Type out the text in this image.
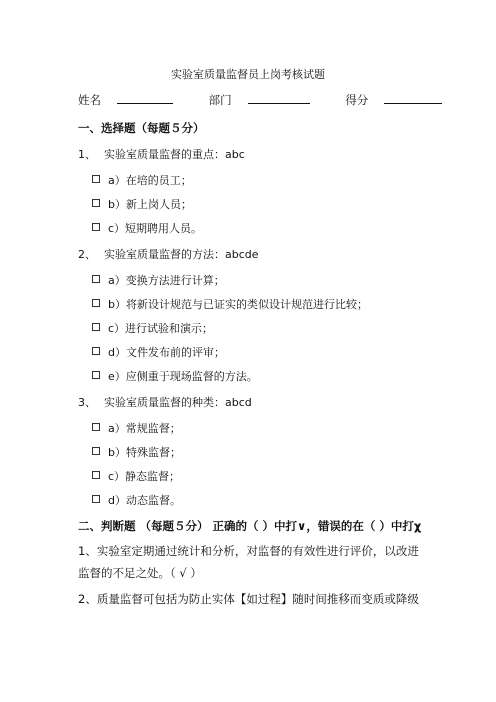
实验室质量监督员上岗考核试题
姓名	部门	得分
一、选择题（每题５分）
1、 实验室质量监督的重点：abc
a）在培的员工；
b）新上岗人员；
c）短期聘用人员。
2、 实验室质量监督的方法：abcde
a）变换方法进行计算；
b）将新设计规范与已证实的类似设计规范进行比较；
c）进行试验和演示；
d）文件发布前的评审；
e）应侧重于现场监督的方法。
3、 实验室质量监督的种类：abcd
a）常规监督；
b）特殊监督；
c）静态监督；
d）动态监督。
二、判断题 （每题５分） 正确的（ ）中打∨，错误的在（ ）中打χ
1、实验室定期通过统计和分析，对监督的有效性进行评价，以改进监督的不足之处。（ √ ）
2、质量监督可包括为防止实体【如过程】随时间推移而变质或降级
